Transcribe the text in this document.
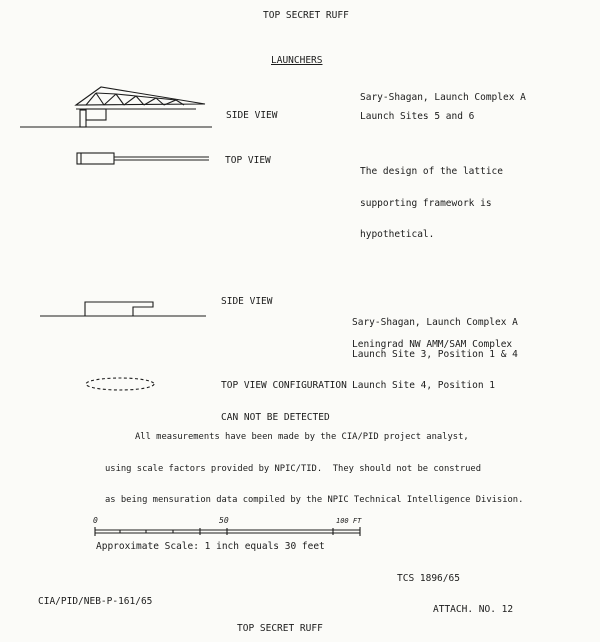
TOP SECRET RUFF
LAUNCHERS
SIDE VIEW
TOP VIEW
Sary-Shagan, Launch Complex A
Launch Sites 5 and 6

The design of the lattice

supporting framework is

hypothetical.

SIDE VIEW

Sary-Shagan, Launch Complex A

Launch Site 3, Position 1 & 4

Launch Site 4, Position 1

Leningrad NW AMM/SAM Complex

TOP VIEW CONFIGURATION

CAN NOT BE DETECTED

All measurements have been made by the CIA/PID project analyst,

using scale factors provided by NPIC/TID.  They should not be construed

as being mensuration data compiled by the NPIC Technical Intelligence Division.

0	50	100 FT
Approximate Scale: 1 inch equals 30 feet
TCS 1896/65
CIA/PID/NEB-P-161/65
ATTACH. NO. 12
TOP SECRET RUFF
